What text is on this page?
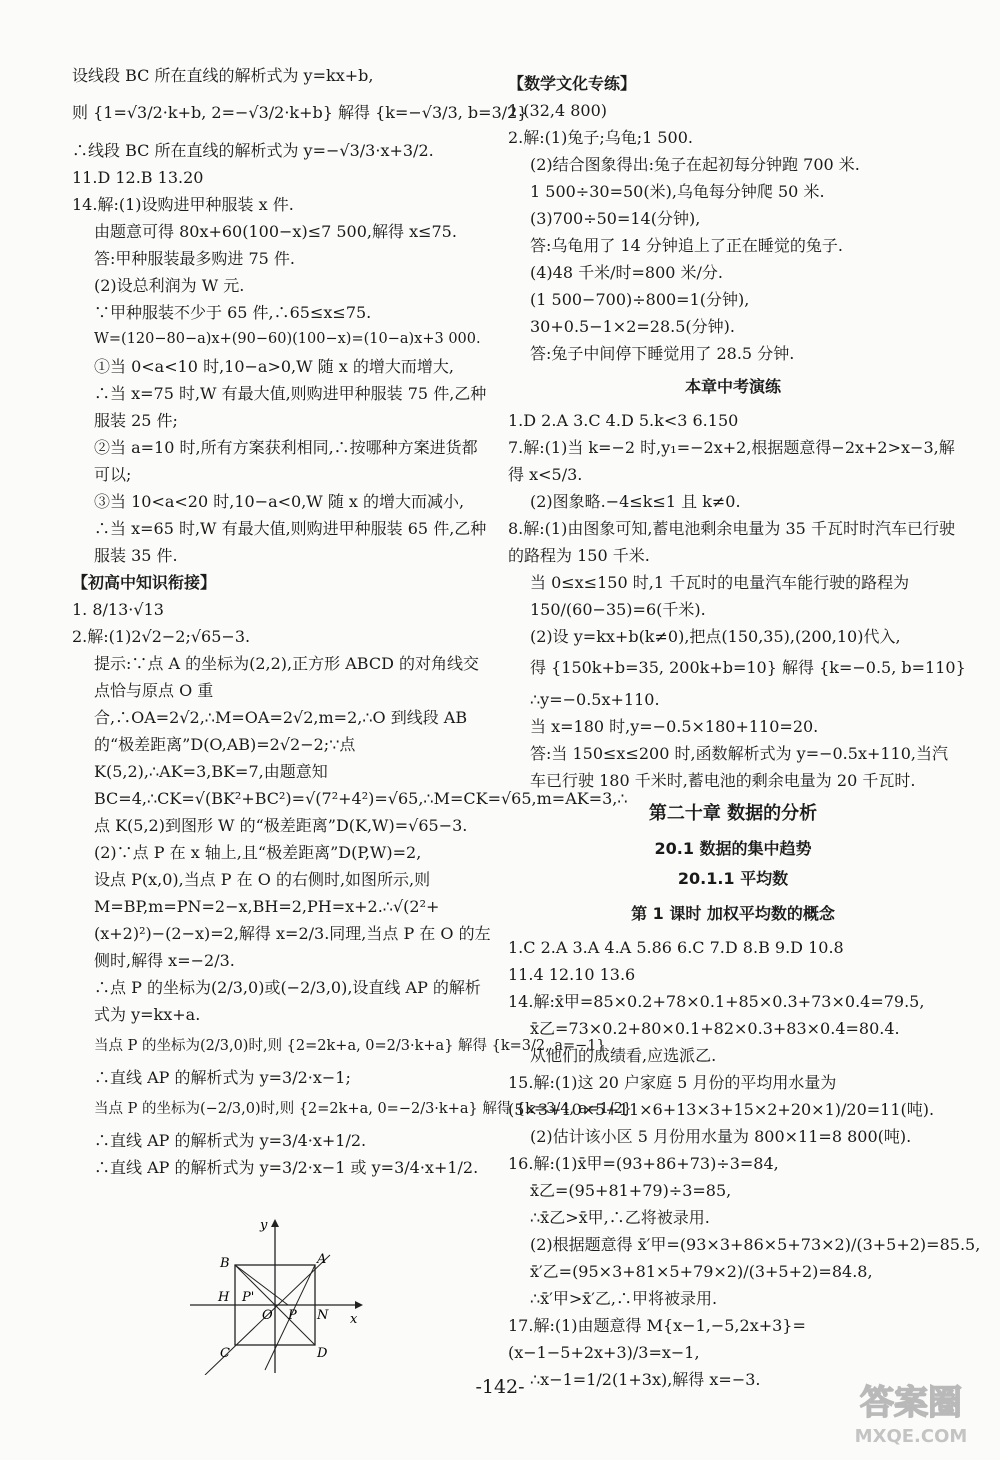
设线段 BC 所在直线的解析式为 y=kx+b,
则 {1=√3/2·k+b, 2=−√3/2·k+b} 解得 {k=−√3/3, b=3/2}
∴线段 BC 所在直线的解析式为 y=−√3/3·x+3/2.
11.D 12.B 13.20
14.解:(1)设购进甲种服装 x 件.
由题意可得 80x+60(100−x)≤7 500,解得 x≤75.
答:甲种服装最多购进 75 件.
(2)设总利润为 W 元.
∵甲种服装不少于 65 件,∴65≤x≤75.
W=(120−80−a)x+(90−60)(100−x)=(10−a)x+3 000.
①当 0<a<10 时,10−a>0,W 随 x 的增大而增大,
∴当 x=75 时,W 有最大值,则购进甲种服装 75 件,乙种服装 25 件;
②当 a=10 时,所有方案获利相同,∴按哪种方案进货都可以;
③当 10<a<20 时,10−a<0,W 随 x 的增大而减小,
∴当 x=65 时,W 有最大值,则购进甲种服装 65 件,乙种服装 35 件.
【初高中知识衔接】
1. 8/13·√13
2.解:(1)2√2−2;√65−3.
提示:∵点 A 的坐标为(2,2),正方形 ABCD 的对角线交点恰与原点 O 重合,∴OA=2√2,∴M=OA=2√2,m=2,∴O 到线段 AB 的“极差距离”D(O,AB)=2√2−2;∵点 K(5,2),∴AK=3,BK=7,由题意知 BC=4,∴CK=√(BK²+BC²)=√(7²+4²)=√65,∴M=CK=√65,m=AK=3,∴点 K(5,2)到图形 W 的“极差距离”D(K,W)=√65−3.
(2)∵点 P 在 x 轴上,且“极差距离”D(P,W)=2,
设点 P(x,0),当点 P 在 O 的右侧时,如图所示,则 M=BP,m=PN=2−x,BH=2,PH=x+2.∴√(2²+(x+2)²)−(2−x)=2,解得 x=2/3.同理,当点 P 在 O 的左侧时,解得 x=−2/3.
∴点 P 的坐标为(2/3,0)或(−2/3,0),设直线 AP 的解析式为 y=kx+a.
当点 P 的坐标为(2/3,0)时,则 {2=2k+a, 0=2/3·k+a} 解得 {k=3/2, a=−1}
∴直线 AP 的解析式为 y=3/2·x−1;
当点 P 的坐标为(−2/3,0)时,则 {2=2k+a, 0=−2/3·k+a} 解得 {k=3/4, a=1/2}
∴直线 AP 的解析式为 y=3/4·x+1/2.
∴直线 AP 的解析式为 y=3/2·x−1 或 y=3/4·x+1/2.
y
x
A
B
C	D
H P'
O P N
【数学文化专练】
1.(32,4 800)
2.解:(1)兔子;乌龟;1 500.
(2)结合图象得出:兔子在起初每分钟跑 700 米.
1 500÷30=50(米),乌龟每分钟爬 50 米.
(3)700÷50=14(分钟),
答:乌龟用了 14 分钟追上了正在睡觉的兔子.
(4)48 千米/时=800 米/分.
(1 500−700)÷800=1(分钟),
30+0.5−1×2=28.5(分钟).
答:兔子中间停下睡觉用了 28.5 分钟.
本章中考演练
1.D 2.A 3.C 4.D 5.k<3 6.150
7.解:(1)当 k=−2 时,y₁=−2x+2,根据题意得−2x+2>x−3,解得 x<5/3.
(2)图象略.−4≤k≤1 且 k≠0.
8.解:(1)由图象可知,蓄电池剩余电量为 35 千瓦时时汽车已行驶的路程为 150 千米.
当 0≤x≤150 时,1 千瓦时的电量汽车能行驶的路程为 150/(60−35)=6(千米).
(2)设 y=kx+b(k≠0),把点(150,35),(200,10)代入,
得 {150k+b=35, 200k+b=10} 解得 {k=−0.5, b=110}
∴y=−0.5x+110.
当 x=180 时,y=−0.5×180+110=20.
答:当 150≤x≤200 时,函数解析式为 y=−0.5x+110,当汽车已行驶 180 千米时,蓄电池的剩余电量为 20 千瓦时.
第二十章 数据的分析
20.1 数据的集中趋势
20.1.1 平均数
第 1 课时 加权平均数的概念
1.C 2.A 3.A 4.A 5.86 6.C 7.D 8.B 9.D 10.8
11.4 12.10 13.6
14.解:x̄甲=85×0.2+78×0.1+85×0.3+73×0.4=79.5,
x̄乙=73×0.2+80×0.1+82×0.3+83×0.4=80.4.
从他们的成绩看,应选派乙.
15.解:(1)这 20 户家庭 5 月份的平均用水量为 (5×3+10×5+11×6+13×3+15×2+20×1)/20=11(吨).
(2)估计该小区 5 月份用水量为 800×11=8 800(吨).
16.解:(1)x̄甲=(93+86+73)÷3=84,
x̄乙=(95+81+79)÷3=85,
∴x̄乙>x̄甲,∴乙将被录用.
(2)根据题意得 x̄′甲=(93×3+86×5+73×2)/(3+5+2)=85.5,
x̄′乙=(95×3+81×5+79×2)/(3+5+2)=84.8,
∴x̄′甲>x̄′乙,∴甲将被录用.
17.解:(1)由题意得 M{x−1,−5,2x+3}=(x−1−5+2x+3)/3=x−1,
∴x−1=1/2(1+3x),解得 x=−3.
-142-	答案圈
MXQE.COM
